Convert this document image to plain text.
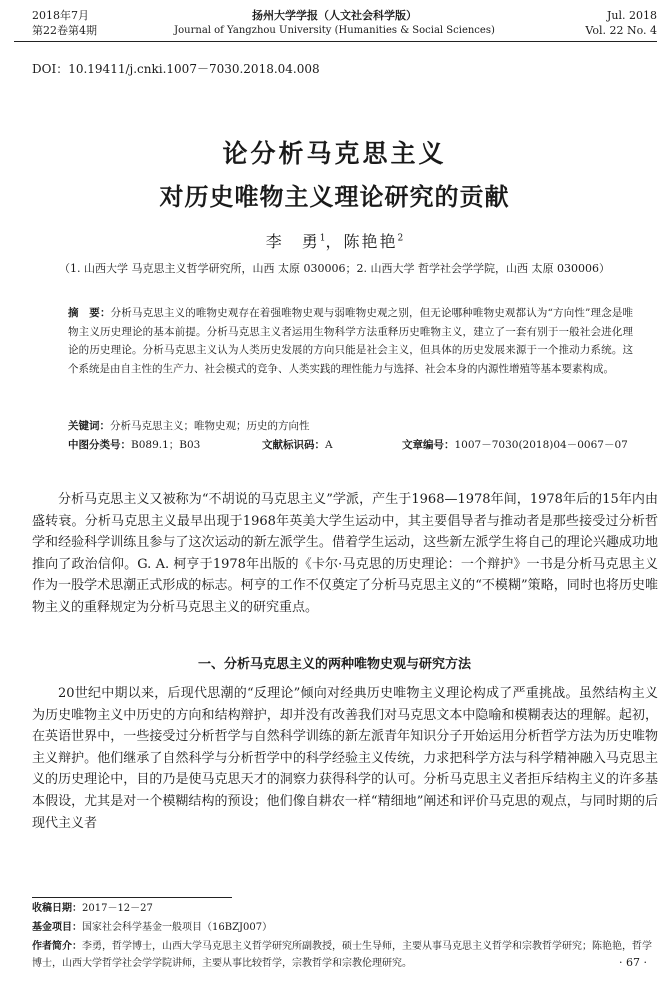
2018年7月
第22卷第4期
扬州大学学报（人文社会科学版）
Journal of Yangzhou University (Humanities & Social Sciences)
Jul. 2018
Vol. 22 No. 4
DOI：10.19411/j.cnki.1007－7030.2018.04.008
论分析马克思主义
对历史唯物主义理论研究的贡献
李　勇$^1$，陈艳艳$^2$
（1. 山西大学 马克思主义哲学研究所，山西 太原 030006；2. 山西大学 哲学社会学学院，山西 太原 030006）
摘　要：分析马克思主义的唯物史观存在着强唯物史观与弱唯物史观之别，但无论哪种唯物史观都认为“方向性”理念是唯物主义历史理论的基本前提。分析马克思主义者运用生物科学方法重释历史唯物主义，建立了一套有别于一般社会进化理论的历史理论。分析马克思主义认为人类历史发展的方向只能是社会主义，但具体的历史发展来源于一个推动力系统。这个系统是由自主性的生产力、社会模式的竞争、人类实践的理性能力与选择、社会本身的内源性增殖等基本要素构成。
关键词：分析马克思主义；唯物史观；历史的方向性
中图分类号：B089.1；B03	文献标识码：A	文章编号：1007－7030(2018)04－0067－07
分析马克思主义又被称为“不胡说的马克思主义”学派，产生于1968—1978年间，1978年后的15年内由盛转衰。分析马克思主义最早出现于1968年英美大学生运动中，其主要倡导者与推动者是那些接受过分析哲学和经验科学训练且参与了这次运动的新左派学生。借着学生运动，这些新左派学生将自己的理论兴趣成功地推向了政治信仰。G. A. 柯亨于1978年出版的《卡尔·马克思的历史理论：一个辩护》一书是分析马克思主义作为一股学术思潮正式形成的标志。柯亨的工作不仅奠定了分析马克思主义的“不模糊”策略，同时也将历史唯物主义的重释规定为分析马克思主义的研究重点。
一、分析马克思主义的两种唯物史观与研究方法
20世纪中期以来，后现代思潮的“反理论”倾向对经典历史唯物主义理论构成了严重挑战。虽然结构主义为历史唯物主义中历史的方向和结构辩护，却并没有改善我们对马克思文本中隐喻和模糊表达的理解。起初，在英语世界中，一些接受过分析哲学与自然科学训练的新左派青年知识分子开始运用分析哲学方法为历史唯物主义辩护。他们继承了自然科学与分析哲学中的科学经验主义传统，力求把科学方法与科学精神融入马克思主义的历史理论中，目的乃是使马克思天才的洞察力获得科学的认可。分析马克思主义者拒斥结构主义的许多基本假设，尤其是对一个模糊结构的预设；他们像自耕农一样“精细地”阐述和评价马克思的观点，与同时期的后现代主义者
收稿日期：2017－12－27
基金项目：国家社会科学基金一般项目（16BZJ007）
作者简介：李勇，哲学博士，山西大学马克思主义哲学研究所副教授，硕士生导师，主要从事马克思主义哲学和宗教哲学研究；陈艳艳，哲学博士，山西大学哲学社会学学院讲师，主要从事比较哲学，宗教哲学和宗教伦理研究。	· 67 ·
